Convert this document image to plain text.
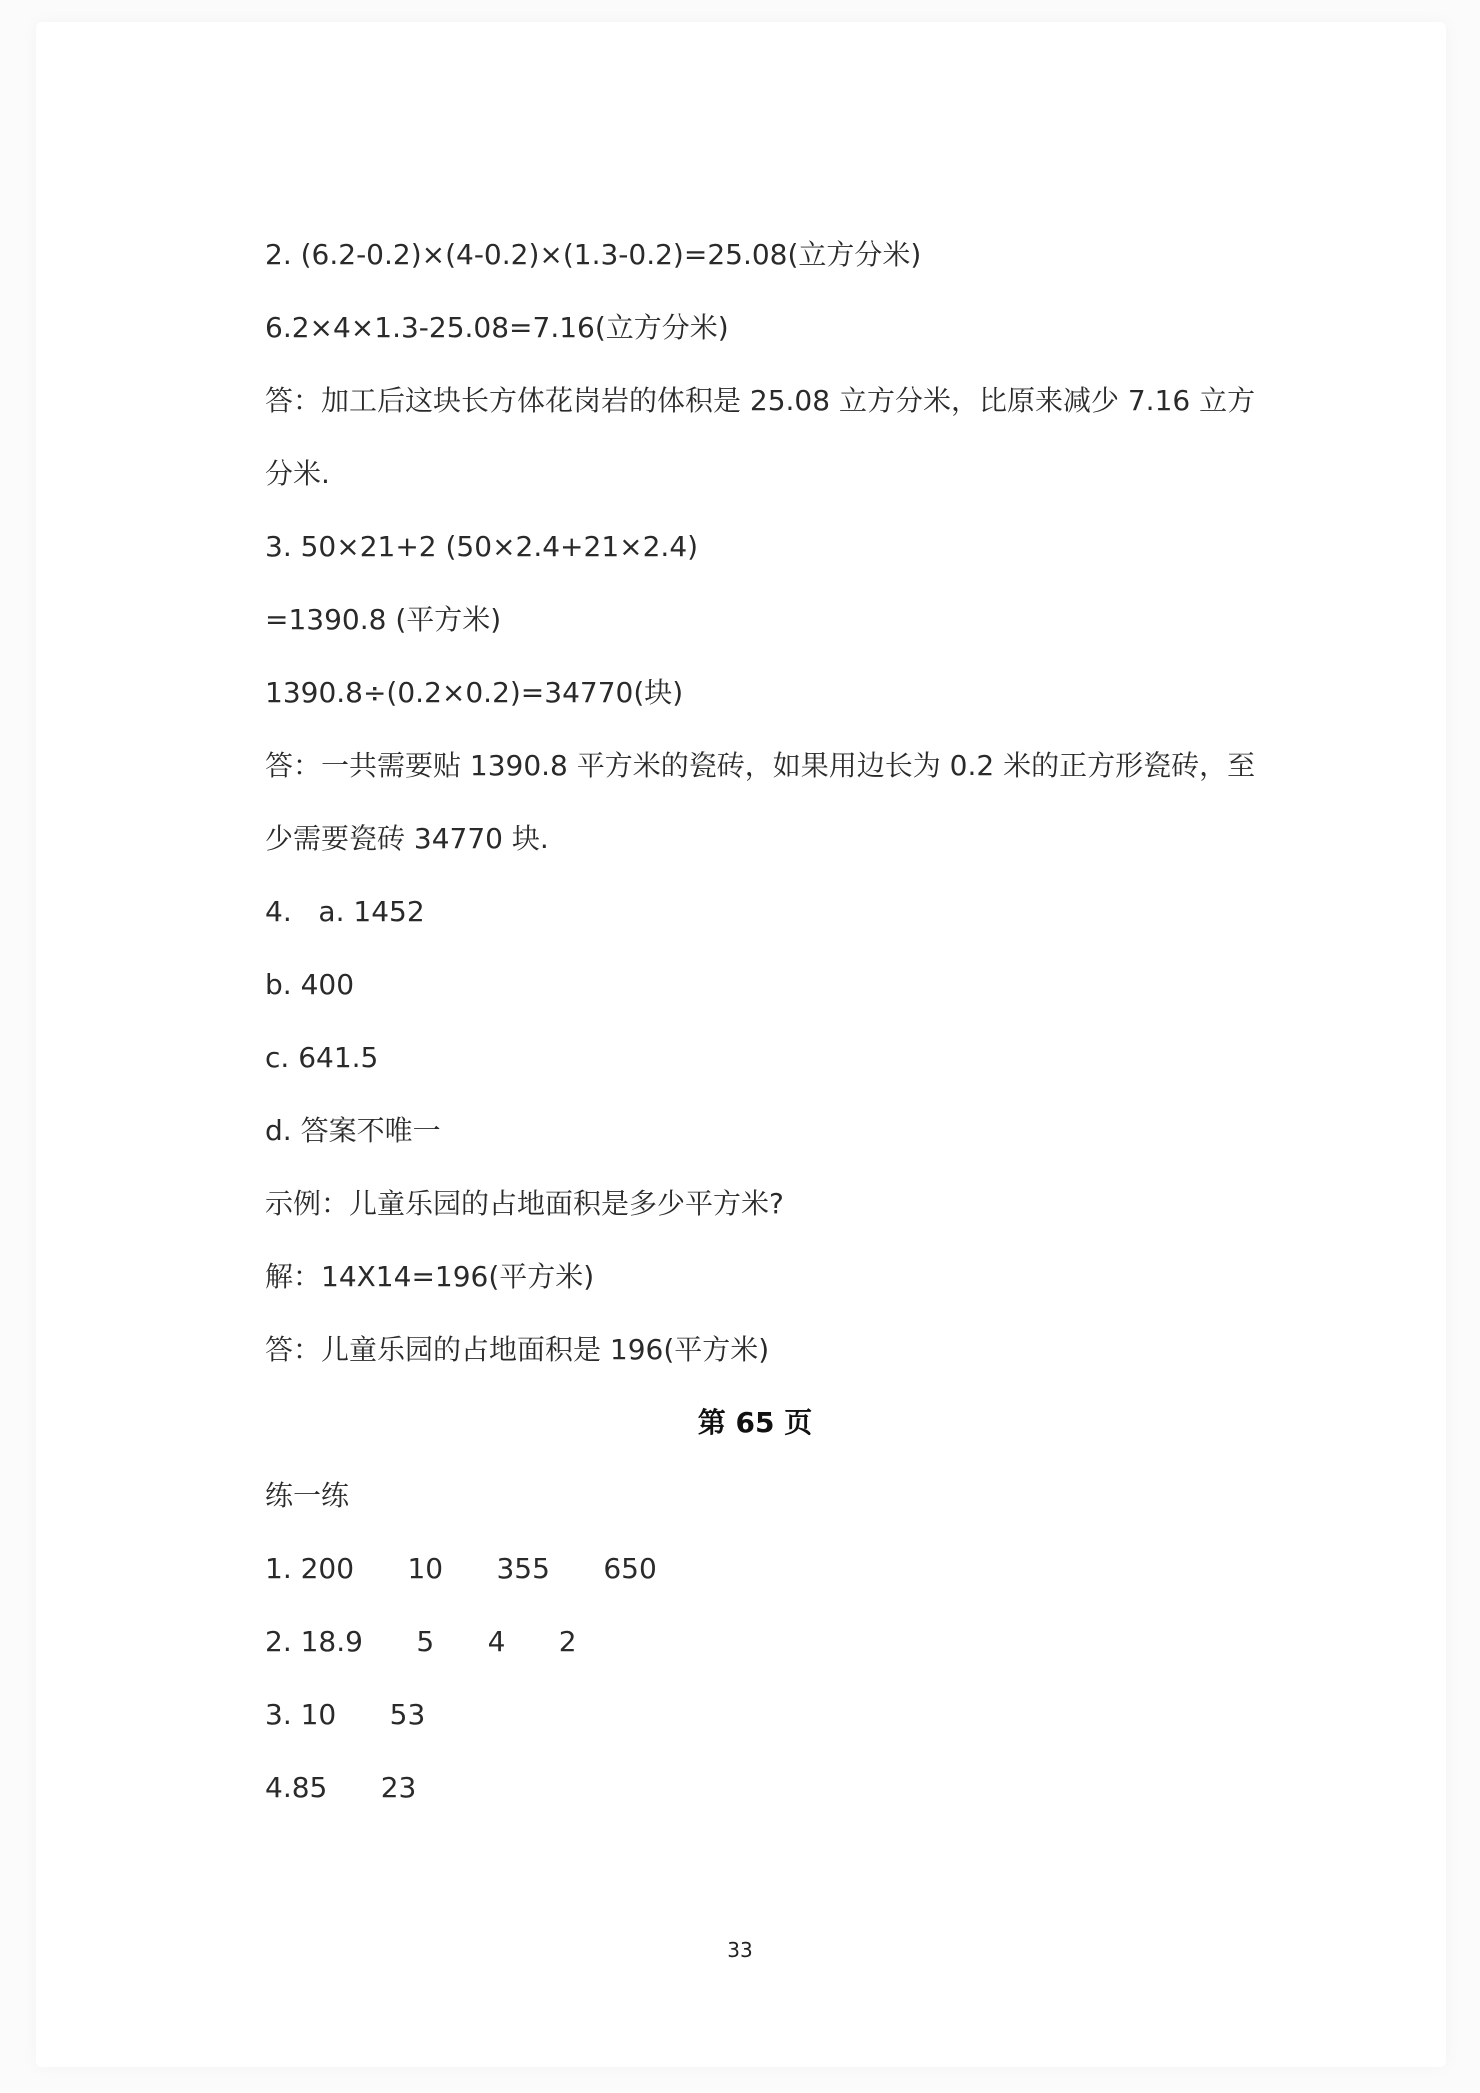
2. (6.2-0.2)×(4-0.2)×(1.3-0.2)=25.08(立方分米)
6.2×4×1.3-25.08=7.16(立方分米)
答：加工后这块长方体花岗岩的体积是 25.08 立方分米，比原来减少 7.16 立方
分米.
3. 50×21+2 (50×2.4+21×2.4)
=1390.8 (平方米)
1390.8÷(0.2×0.2)=34770(块)
答：一共需要贴 1390.8 平方米的瓷砖，如果用边长为 0.2 米的正方形瓷砖，至
少需要瓷砖 34770 块.
4.   a. 1452
b. 400
c. 641.5
d. 答案不唯一
示例：儿童乐园的占地面积是多少平方米?
解：14X14=196(平方米)
答：儿童乐园的占地面积是 196(平方米)
第 65 页
练一练
1. 200      10      355      650
2. 18.9      5      4      2
3. 10      53
4.85      23
33
